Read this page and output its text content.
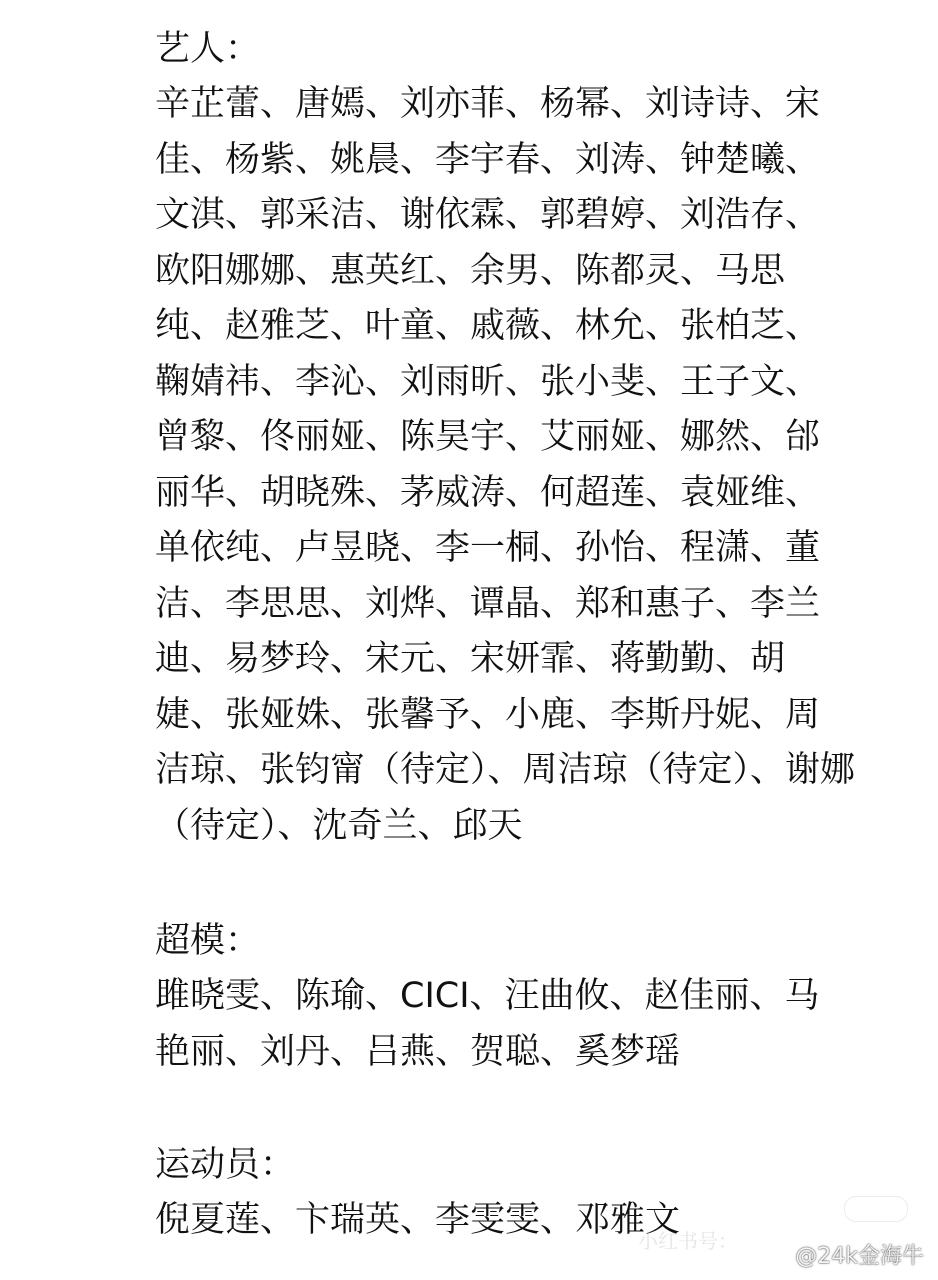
艺人：
辛芷蕾、唐嫣、刘亦菲、杨幂、刘诗诗、宋
佳、杨紫、姚晨、李宇春、刘涛、钟楚曦、
文淇、郭采洁、谢依霖、郭碧婷、刘浩存、
欧阳娜娜、惠英红、余男、陈都灵、马思
纯、赵雅芝、叶童、戚薇、林允、张柏芝、
鞠婧祎、李沁、刘雨昕、张小斐、王子文、
曾黎、佟丽娅、陈昊宇、艾丽娅、娜然、邰
丽华、胡晓殊、茅威涛、何超莲、袁娅维、
单依纯、卢昱晓、李一桐、孙怡、程潇、董
洁、李思思、刘烨、谭晶、郑和惠子、李兰
迪、易梦玲、宋元、宋妍霏、蒋勤勤、胡
婕、张娅姝、张馨予、小鹿、李斯丹妮、周
洁琼、张钧甯（待定）、周洁琼（待定）、谢娜
（待定）、沈奇兰、邱天
超模：
雎晓雯、陈瑜、CICI、汪曲攸、赵佳丽、马
艳丽、刘丹、吕燕、贺聪、奚梦瑶
运动员：
倪夏莲、卞瑞英、李雯雯、邓雅文
小红书号：
@24k金海牛
